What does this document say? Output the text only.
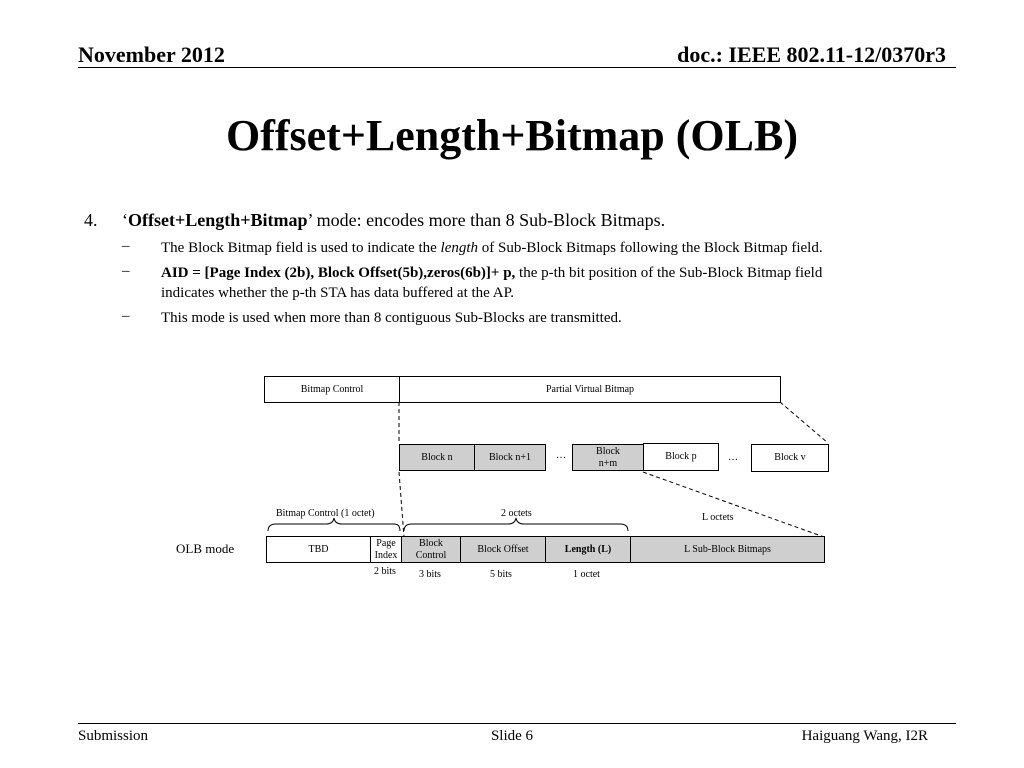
November 2012	doc.: IEEE 802.11-12/0370r3
Offset+Length+Bitmap (OLB)
4. ‘Offset+Length+Bitmap’ mode: encodes more than 8 Sub-Block Bitmaps.
– The Block Bitmap field is used to indicate the length of Sub-Block Bitmaps following the Block Bitmap field.
– AID = [Page Index (2b), Block Offset(5b),zeros(6b)]+ p, the p-th bit position of the Sub-Block Bitmap field
indicates whether the p-th STA has data buffered at the AP.
– This mode is used when more than 8 contiguous Sub-Blocks are transmitted.
Bitmap Control	Partial Virtual Bitmap
Block n	Block n+1	…	Block
n+m
Block p	…	Block v
Bitmap Control (1 octet)	2 octets	L octets
OLB mode	TBD
Page
Index
Block
Control
Block Offset	Length (L)	L Sub-Block Bitmaps
2 bits 3 bits	5 bits	1 octet
Submission	Slide 6	Haiguang Wang, I2R
